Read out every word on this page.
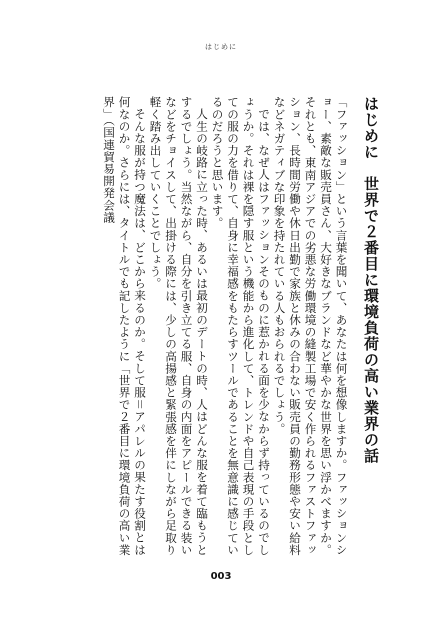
はじめに
はじめに　世界で２番目に環境負荷の高い業界の話

「ファッション」という言葉を聞いて、あなたは何を想像しますか。ファッションショー、素敵な販売員さん、大好きなブランドなど華やかな世界を思い浮かべますか。それとも、東南アジアでの劣悪な労働環境の縫製工場で安く作られるファストファッション、長時間労働や休日出勤で家族と休みの合わない販売員の勤務形態や安い給料などネガティブな印象を持たれている人もおられるでしょう。

では、なぜ人はファッションそのものに惹かれる面を少なからず持っているのでしょうか。それは裸を隠す服という機能から進化して、トレンドや自己表現の手段としての服の力を借りて、自身に幸福感をもたらすツールであることを無意識に感じているのだろうと思います。

人生の岐路に立った時、あるいは最初のデートの時、人はどんな服を着て臨もうとするでしょう。当然ながら、自分を引き立てる服、自身の内面をアピールできる装いなどをチョイスして、出掛ける際には、少しの高揚感と緊張感を伴にしながら足取り軽く踏み出していくことでしょう。

そんな服が持つ魔法は、どこから来るのか。そして服＝アパレルの果たす役割とは何なのか。さらには、タイトルでも記したように「世界で２番目に環境負荷の高い業界」（国連貿易開発会議

003
